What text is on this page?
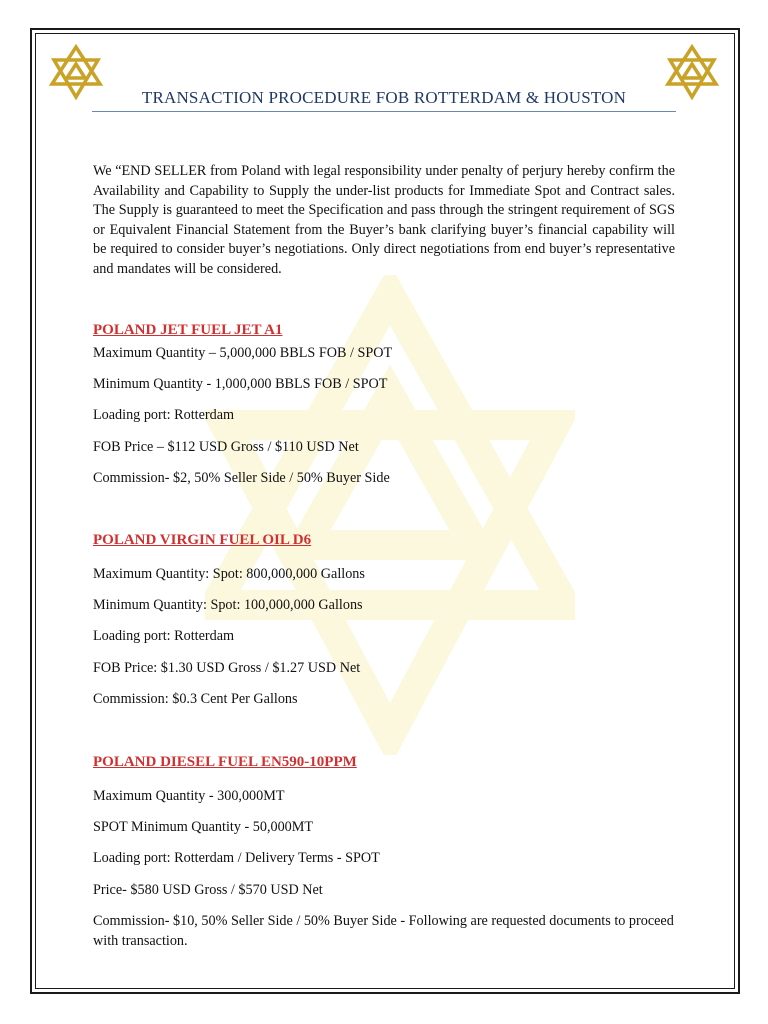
TRANSACTION PROCEDURE FOB ROTTERDAM & HOUSTON

We “END SELLER from Poland with legal responsibility under penalty of perjury hereby confirm the Availability and Capability to Supply the under-list products for Immediate Spot and Contract sales. The Supply is guaranteed to meet the Specification and pass through the stringent requirement of SGS or Equivalent Financial Statement from the Buyer’s bank clarifying buyer’s financial capability will be required to consider buyer’s negotiations. Only direct negotiations from end buyer’s representative and mandates will be considered.

POLAND JET FUEL JET A1

Maximum Quantity – 5,000,000 BBLS FOB / SPOT

Minimum Quantity - 1,000,000 BBLS FOB / SPOT

Loading port: Rotterdam

FOB Price – $112 USD Gross / $110 USD Net

Commission- $2, 50% Seller Side / 50% Buyer Side

POLAND VIRGIN FUEL OIL D6

Maximum Quantity: Spot: 800,000,000 Gallons

Minimum Quantity: Spot: 100,000,000 Gallons

Loading port: Rotterdam

FOB Price: $1.30 USD Gross / $1.27 USD Net

Commission: $0.3 Cent Per Gallons

POLAND DIESEL FUEL EN590-10PPM

Maximum Quantity - 300,000MT

SPOT Minimum Quantity - 50,000MT

Loading port: Rotterdam / Delivery Terms - SPOT

Price- $580 USD Gross / $570 USD Net

Commission- $10, 50% Seller Side / 50% Buyer Side - Following are requested documents to proceed with transaction.
